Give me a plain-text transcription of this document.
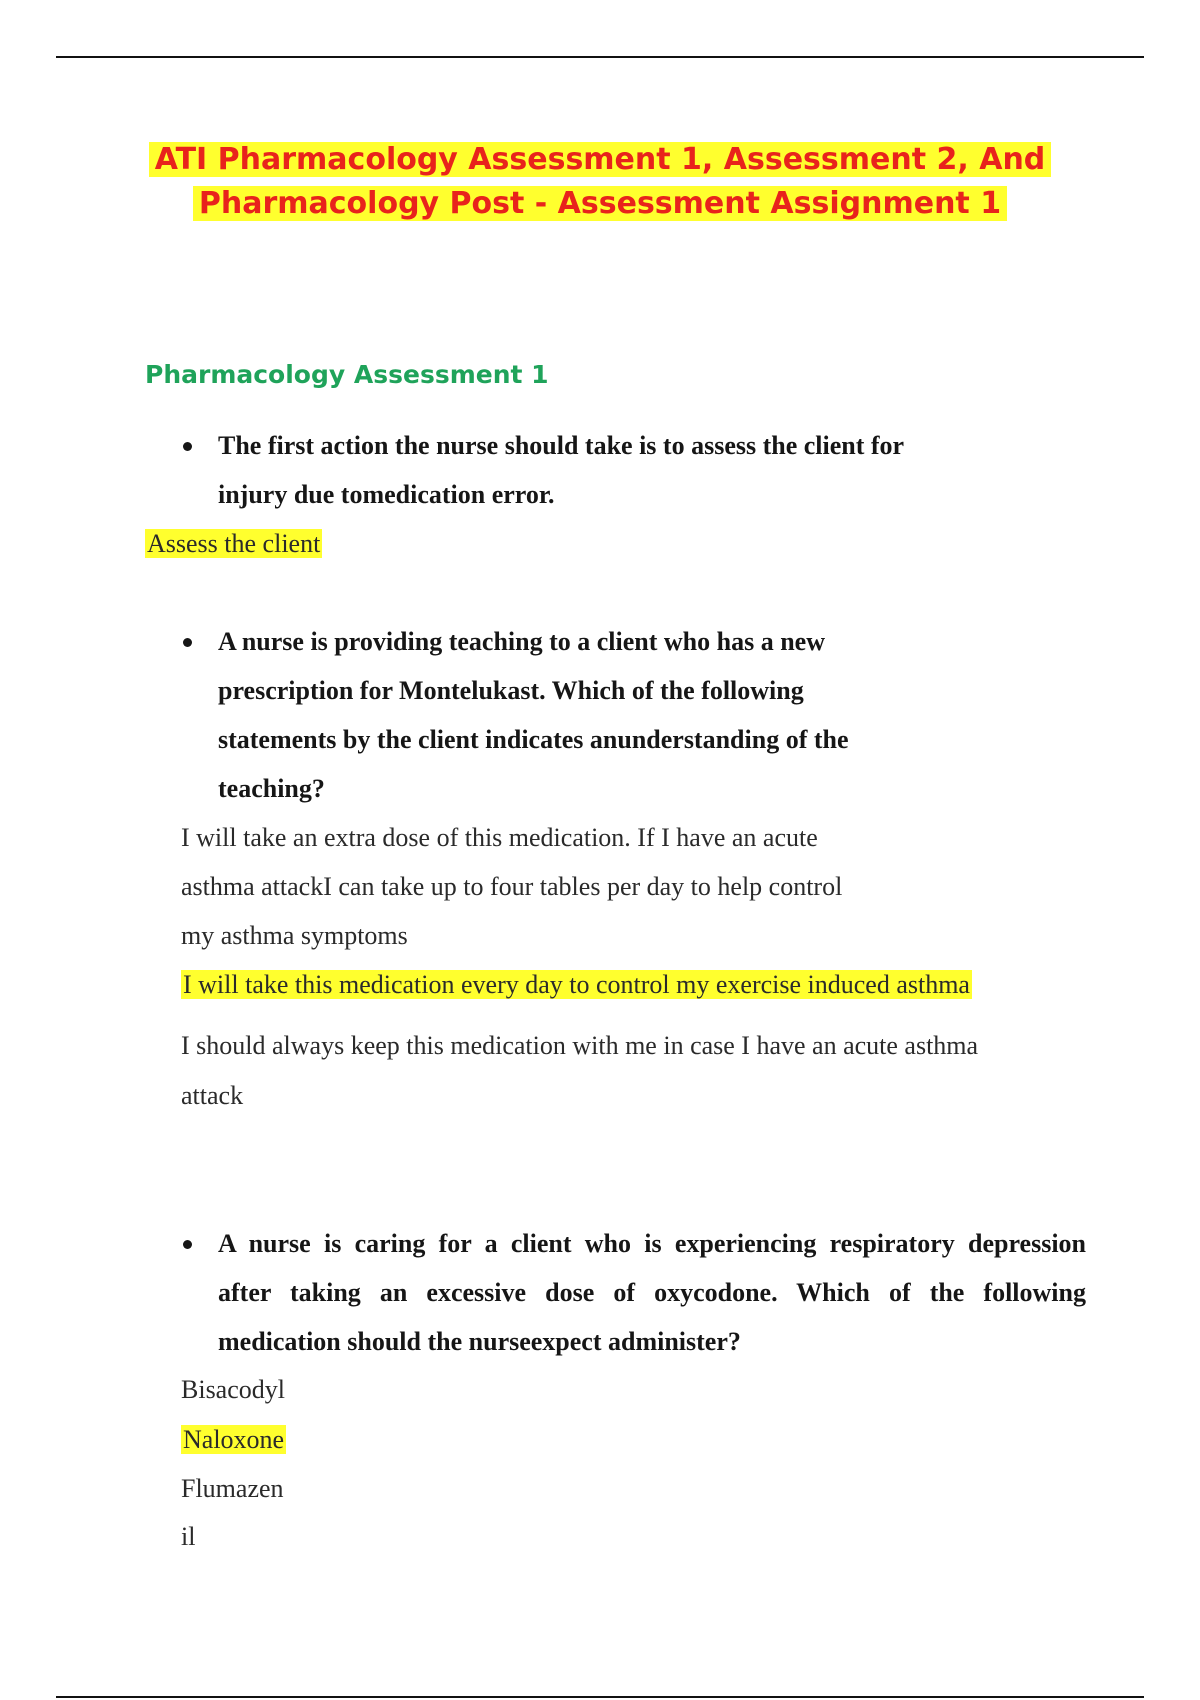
ATI Pharmacology Assessment 1, Assessment 2, And
Pharmacology Post - Assessment Assignment 1
Pharmacology Assessment 1
The first action the nurse should take is to assess the client for
injury due tomedication error.
Assess the client
A nurse is providing teaching to a client who has a new
prescription for Montelukast. Which of the following
statements by the client indicates anunderstanding of the
teaching?
I will take an extra dose of this medication. If I have an acute
asthma attackI can take up to four tables per day to help control
my asthma symptoms
I will take this medication every day to control my exercise induced asthma
I should always keep this medication with me in case I have an acute asthma
attack
A nurse is caring for a client who is experiencing respiratory depression
after taking an excessive dose of oxycodone. Which of the following
medication should the nurseexpect administer?
Bisacodyl
Naloxone
Flumazen
il
